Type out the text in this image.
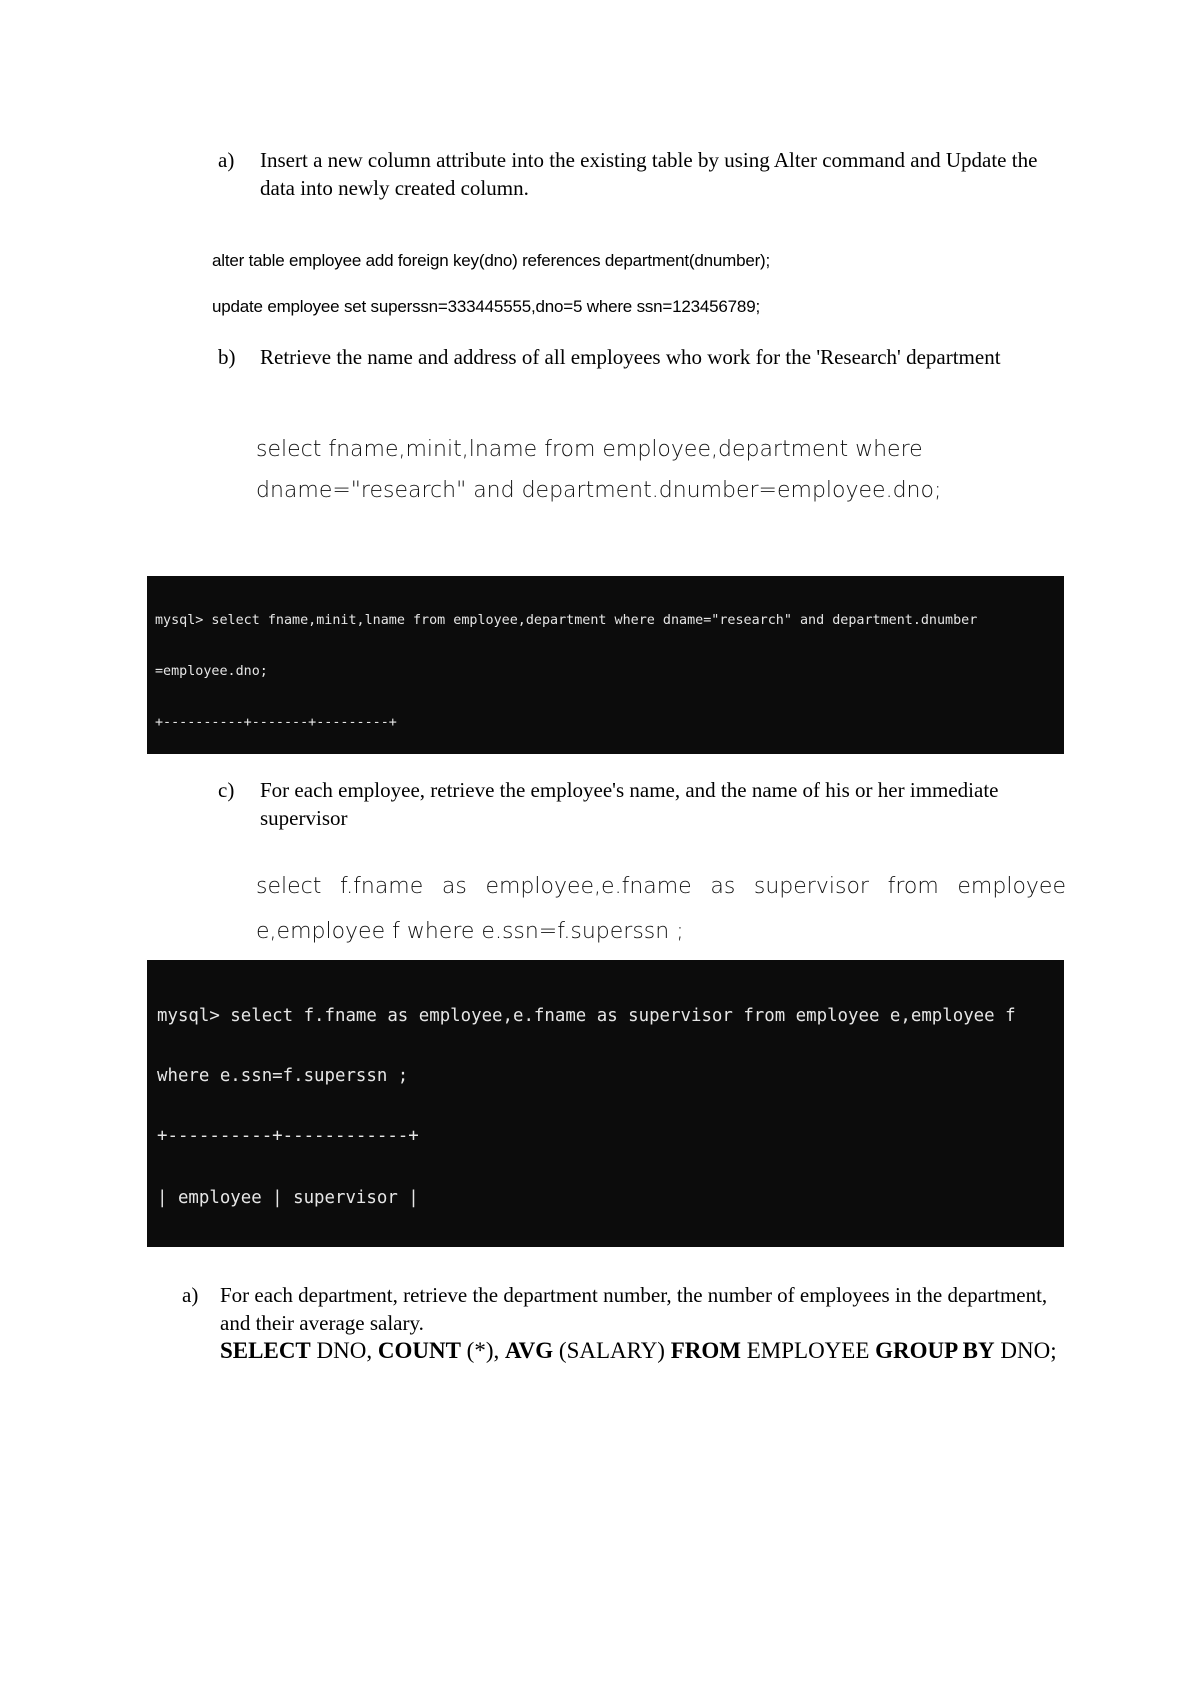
a)	Insert a new column attribute into the existing table by using Alter command and Update the data into newly created column.
alter table employee add foreign key(dno) references department(dnumber);
update employee set superssn=333445555,dno=5 where ssn=123456789;
b)	Retrieve the name and address of all employees who work for the 'Research' department
select fname,minit,lname from employee,department where
dname="research" and department.dnumber=employee.dno;

mysql> select fname,minit,lname from employee,department where dname="research" and department.dnumber

=employee.dno;

+----------+-------+---------+

c)	For each employee, retrieve the employee's name, and the name of his or her immediate supervisor
select f.fname as employee,e.fname as supervisor from employee
e,employee f where e.ssn=f.superssn ;

mysql> select f.fname as employee,e.fname as supervisor from employee e,employee f

where e.ssn=f.superssn ;

+----------+------------+

| employee | supervisor |

a)	For each department, retrieve the department number, the number of employees in the department, and their average salary.
SELECT DNO, COUNT (*), AVG (SALARY) FROM EMPLOYEE GROUP BY DNO;
